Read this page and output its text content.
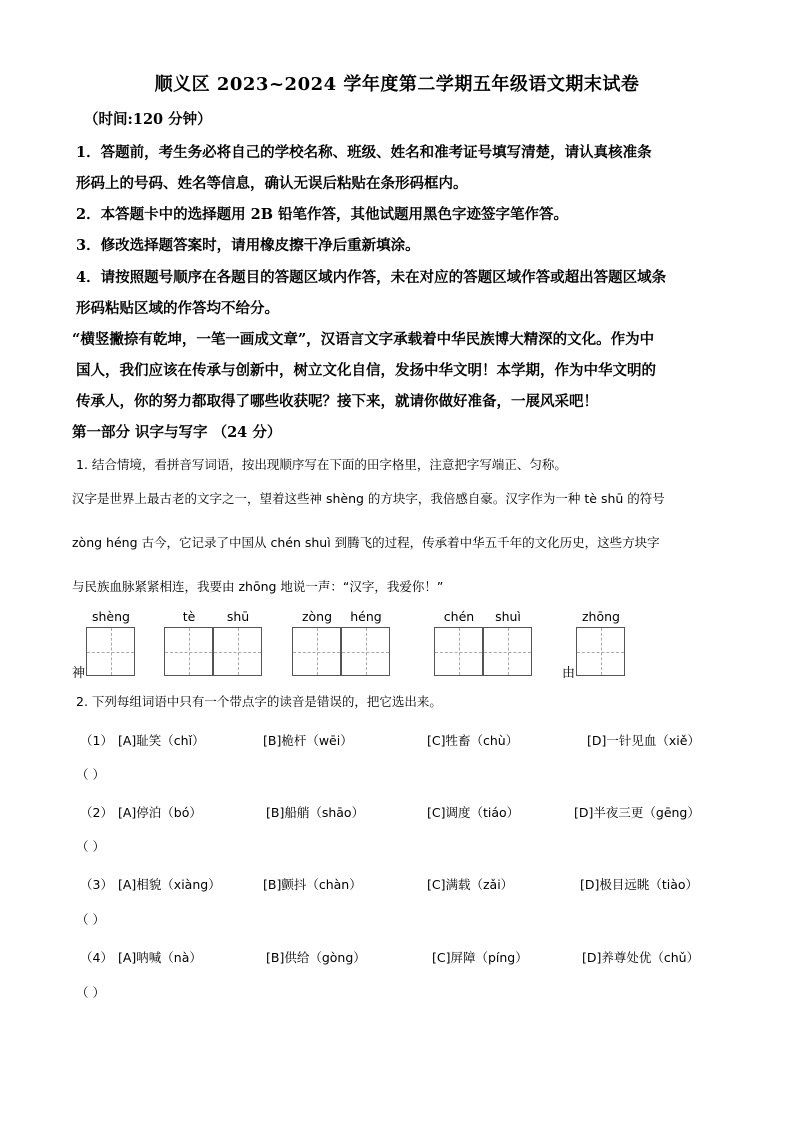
顺义区 2023~2024 学年度第二学期五年级语文期末试卷
（时间:120 分钟）
1．答题前，考生务必将自己的学校名称、班级、姓名和准考证号填写清楚，请认真核准条
形码上的号码、姓名等信息，确认无误后粘贴在条形码框内。
2．本答题卡中的选择题用 2B 铅笔作答，其他试题用黑色字迹签字笔作答。
3．修改选择题答案时，请用橡皮擦干净后重新填涂。
4．请按照题号顺序在各题目的答题区域内作答，未在对应的答题区域作答或超出答题区域条
形码粘贴区域的作答均不给分。
“横竖撇捺有乾坤，一笔一画成文章”，汉语言文字承载着中华民族博大精深的文化。作为中
国人，我们应该在传承与创新中，树立文化自信，发扬中华文明！本学期，作为中华文明的
传承人，你的努力都取得了哪些收获呢？接下来，就请你做好准备，一展风采吧！
第一部分 识字与写字 （24 分）
1. 结合情境，看拼音写词语，按出现顺序写在下面的田字格里，注意把字写端正、匀称。
汉字是世界上最古老的文字之一，望着这些神 shèng 的方块字，我倍感自豪。汉字作为一种 tè shū 的符号
zòng héng 古今，它记录了中国从 chén shuì 到腾飞的过程，传承着中华五千年的文化历史，这些方块字
与民族血脉紧紧相连，我要由 zhōng 地说一声：“汉字，我爱你！”
shèng	tè	shū	zòng	héng	chén	shuì	zhōng
神	由
2. 下列每组词语中只有一个带点字的读音是错误的，把它选出来。
（1） [A]耻笑（chǐ）	[B]桅杆（wēi）	[C]牲畜（chù）	[D]一针见血（xiě）
（ ）
（2） [A]停泊（bó）	[B]船艄（shāo）	[C]调度（tiáo）	[D]半夜三更（gēng）
（ ）
（3） [A]相貌（xiàng）	[B]颤抖（chàn）	[C]满载（zǎi）	[D]极目远眺（tiào）
（ ）
（4） [A]呐喊（nà）	[B]供给（gòng）	[C]屏障（píng）	[D]养尊处优（chǔ）
（ ）
